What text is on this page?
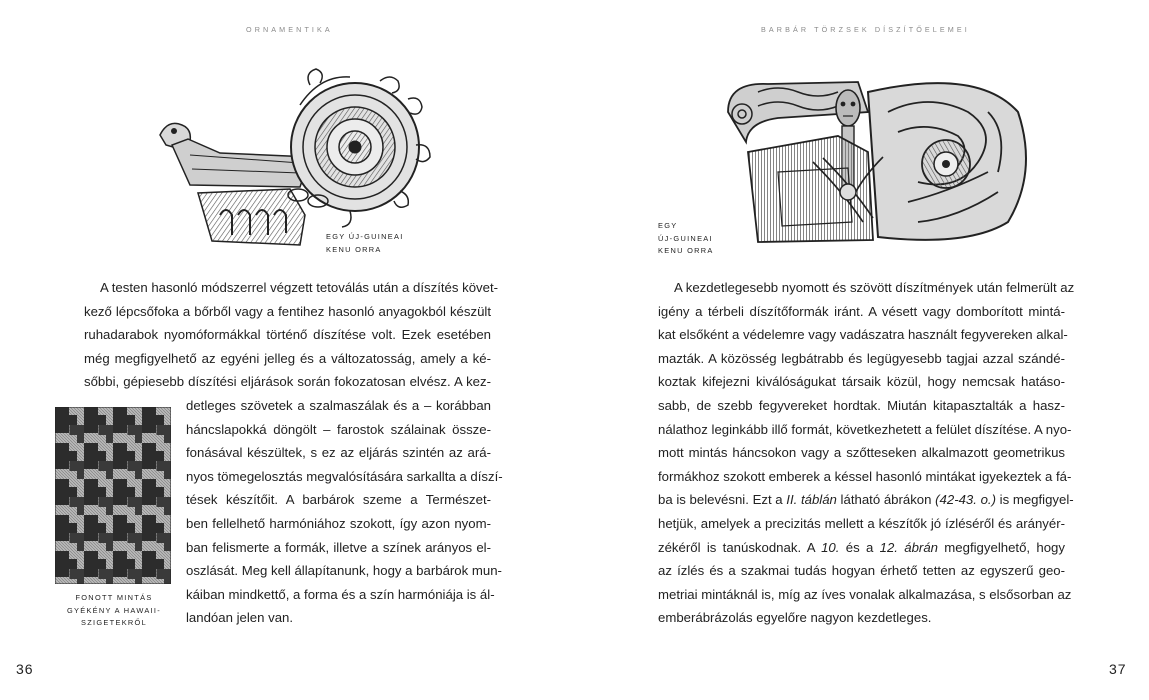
ORNAMENTIKA
EGY ÚJ-GUINEAI
KENU ORRA
A testen hasonló módszerrel végzett tetoválás után a díszítés követ-
kező lépcsőfoka a bőrből vagy a fentihez hasonló anyagokból készült
ruhadarabok nyomóformákkal történő díszítése volt. Ezek esetében
még megfigyelhető az egyéni jelleg és a változatosság, amely a ké-
sőbbi, gépiesebb díszítési eljárások során fokozatosan elvész. A kez-
FONOTT MINTÁS
GYÉKÉNY A HAWAII-
SZIGETEKRŐL
detleges szövetek a szalmaszálak és a – korábban
háncslapokká döngölt – farostok szálainak össze-
fonásával készültek, s ez az eljárás szintén az ará-
nyos tömegelosztás megvalósítására sarkallta a díszí-
tések készítőit. A barbárok szeme a Természet-
ben fellelhető harmóniához szokott, így azon nyom-
ban felismerte a formák, illetve a színek arányos el-
oszlását. Meg kell állapítanunk, hogy a barbárok mun-
káiban mindkettő, a forma és a szín harmóniája is ál-
landóan jelen van.
36
BARBÁR TÖRZSEK DÍSZÍTŐELEMEI
EGY
ÚJ-GUINEAI
KENU ORRA
A kezdetlegesebb nyomott és szövött díszítmények után felmerült az
igény a térbeli díszítőformák iránt. A vésett vagy domborított mintá-
kat elsőként a védelemre vagy vadászatra használt fegyvereken alkal-
mazták. A közösség legbátrabb és legügyesebb tagjai azzal szándé-
koztak kifejezni kiválóságukat társaik közül, hogy nemcsak hatáso-
sabb, de szebb fegyvereket hordtak. Miután kitapasztalták a hasz-
nálathoz leginkább illő formát, következhetett a felület díszítése. A nyo-
mott mintás háncsokon vagy a szőtteseken alkalmazott geometrikus
formákhoz szokott emberek a késsel hasonló mintákat igyekeztek a fá-
ba is belevésni. Ezt a II. táblán látható ábrákon (42-43. o.) is megfigyel-
hetjük, amelyek a precizitás mellett a készítők jó ízléséről és arányér-
zékéről is tanúskodnak. A 10. és a 12. ábrán megfigyelhető, hogy
az ízlés és a szakmai tudás hogyan érhető tetten az egyszerű geo-
metriai mintáknál is, míg az íves vonalak alkalmazása, s elsősorban az
emberábrázolás egyelőre nagyon kezdetleges.
37
